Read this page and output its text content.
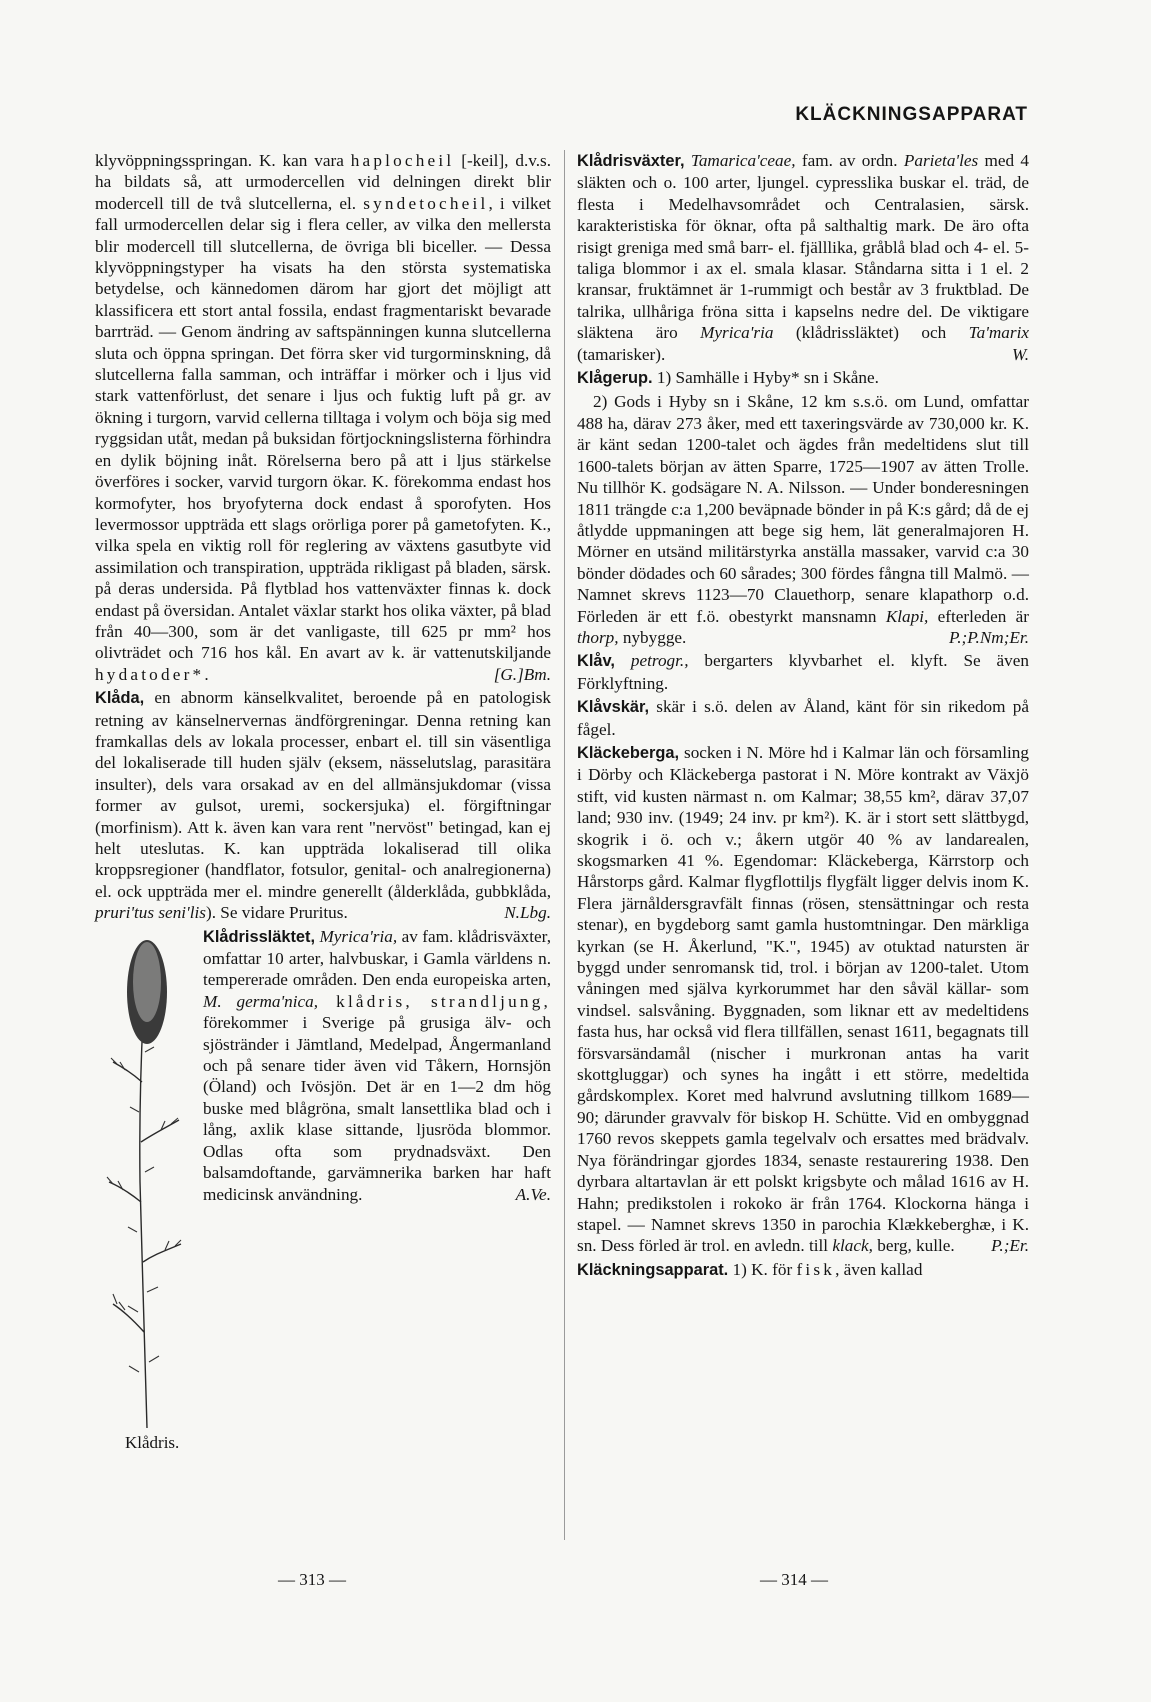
KLÄCKNINGSAPPARAT

klyvöppningsspringan. K. kan vara haplocheil [-keil], d.v.s. ha bildats så, att urmodercellen vid delningen direkt blir modercell till de två slutcellerna, el. syndetocheil, i vilket fall urmodercellen delar sig i flera celler, av vilka den mellersta blir modercell till slutcellerna, de övriga bli biceller. — Dessa klyvöppningstyper ha visats ha den största systematiska betydelse, och kännedomen därom har gjort det möjligt att klassificera ett stort antal fossila, endast fragmentariskt bevarade barrträd. — Genom ändring av saftspänningen kunna slutcellerna sluta och öppna springan. Det förra sker vid turgorminskning, då slutcellerna falla samman, och inträffar i mörker och i ljus vid stark vattenförlust, det senare i ljus och fuktig luft på gr. av ökning i turgorn, varvid cellerna tilltaga i volym och böja sig med ryggsidan utåt, medan på buksidan förtjockningslisterna förhindra en dylik böjning inåt. Rörelserna bero på att i ljus stärkelse överföres i socker, varvid turgorn ökar. K. förekomma endast hos kormofyter, hos bryofyterna dock endast å sporofyten. Hos levermossor uppträda ett slags orörliga porer på gametofyten. K., vilka spela en viktig roll för reglering av växtens gasutbyte vid assimilation och transpiration, uppträda rikligast på bladen, särsk. på deras undersida. På flytblad hos vattenväxter finnas k. dock endast på översidan. Antalet växlar starkt hos olika växter, på blad från 40—300, som är det vanligaste, till 625 pr mm² hos olivträdet och 716 hos kål. En avart av k. är vattenutskiljande hydatoder*.	[G.]Bm.

Klåda, en abnorm känselkvalitet, beroende på en patologisk retning av känselnervernas ändförgreningar. Denna retning kan framkallas dels av lokala processer, enbart el. till sin väsentliga del lokaliserade till huden själv (eksem, nässelutslag, parasitära insulter), dels vara orsakad av en del allmänsjukdomar (vissa former av gulsot, uremi, sockersjuka) el. förgiftningar (morfinism). Att k. även kan vara rent "nervöst" betingad, kan ej helt uteslutas. K. kan uppträda lokaliserad till olika kroppsregioner (handflator, fotsulor, genital- och analregionerna) el. ock uppträda mer el. mindre generellt (ålderklåda, gubbklåda, pruri'tus seni'lis). Se vidare Pruritus.	N.Lbg.

Klådris.

Klådrissläktet, Myrica'ria, av fam. klådrisväxter, omfattar 10 arter, halvbuskar, i Gamla världens n. tempererade områden. Den enda europeiska arten, M. germa'nica, klådris, strandljung, förekommer i Sverige på grusiga älv- och sjöstränder i Jämtland, Medelpad, Ångermanland och på senare tider även vid Tåkern, Hornsjön (Öland) och Ivösjön. Det är en 1—2 dm hög buske med blågröna, smalt lansettlika blad och i lång, axlik klase sittande, ljusröda blommor. Odlas ofta som prydnadsväxt. Den balsamdoftande, garvämnerika barken har haft medicinsk användning.	A.Ve.

Klådrisväxter, Tamarica'ceae, fam. av ordn. Parieta'les med 4 släkten och o. 100 arter, ljungel. cypresslika buskar el. träd, de flesta i Medelhavsområdet och Centralasien, särsk. karakteristiska för öknar, ofta på salthaltig mark. De äro ofta risigt greniga med små barr- el. fjälllika, gråblå blad och 4- el. 5-taliga blommor i ax el. smala klasar. Ståndarna sitta i 1 el. 2 kransar, fruktämnet är 1-rummigt och består av 3 fruktblad. De talrika, ullhåriga fröna sitta i kapselns nedre del. De viktigare släktena äro Myrica'ria (klådrissläktet) och Ta'marix (tamarisker).	W.

Klågerup. 1) Samhälle i Hyby* sn i Skåne.

2) Gods i Hyby sn i Skåne, 12 km s.s.ö. om Lund, omfattar 488 ha, därav 273 åker, med ett taxeringsvärde av 730,000 kr. K. är känt sedan 1200-talet och ägdes från medeltidens slut till 1600-talets början av ätten Sparre, 1725—1907 av ätten Trolle. Nu tillhör K. godsägare N. A. Nilsson. — Under bonderesningen 1811 trängde c:a 1,200 beväpnade bönder in på K:s gård; då de ej åtlydde uppmaningen att bege sig hem, lät generalmajoren H. Mörner en utsänd militärstyrka anställa massaker, varvid c:a 30 bönder dödades och 60 sårades; 300 fördes fångna till Malmö. — Namnet skrevs 1123—70 Clauethorp, senare klapathorp o.d. Förleden är ett f.ö. obestyrkt mansnamn Klapi, efterleden är thorp, nybygge.	P.;P.Nm;Er.

Klåv, petrogr., bergarters klyvbarhet el. klyft. Se även Förklyftning.

Klåvskär, skär i s.ö. delen av Åland, känt för sin rikedom på fågel.

Kläckeberga, socken i N. Möre hd i Kalmar län och församling i Dörby och Kläckeberga pastorat i N. Möre kontrakt av Växjö stift, vid kusten närmast n. om Kalmar; 38,55 km², därav 37,07 land; 930 inv. (1949; 24 inv. pr km²). K. är i stort sett slättbygd, skogrik i ö. och v.; åkern utgör 40 % av landarealen, skogsmarken 41 %. Egendomar: Kläckeberga, Kärrstorp och Hårstorps gård. Kalmar flygflottiljs flygfält ligger delvis inom K. Flera järnåldersgravfält finnas (rösen, stensättningar och resta stenar), en bygdeborg samt gamla hustomtningar. Den märkliga kyrkan (se H. Åkerlund, "K.", 1945) av otuktad natursten är byggd under senromansk tid, trol. i början av 1200-talet. Utom våningen med själva kyrkorummet har den såväl källar- som vindsel. salsvåning. Byggnaden, som liknar ett av medeltidens fasta hus, har också vid flera tillfällen, senast 1611, begagnats till försvarsändamål (nischer i murkronan antas ha varit skottgluggar) och synes ha ingått i ett större, medeltida gårdskomplex. Koret med halvrund avslutning tillkom 1689—90; därunder gravvalv för biskop H. Schütte. Vid en ombyggnad 1760 revos skeppets gamla tegelvalv och ersattes med brädvalv. Nya förändringar gjordes 1834, senaste restaurering 1938. Den dyrbara altartavlan är ett polskt krigsbyte och målad 1616 av H. Hahn; predikstolen i rokoko är från 1764. Klockorna hänga i stapel. — Namnet skrevs 1350 in parochia Klækkeberghæ, i K. sn. Dess förled är trol. en avledn. till klack, berg, kulle. P.;Er.

Kläckningsapparat. 1) K. för fisk, även kallad

— 313 —	— 314 —
